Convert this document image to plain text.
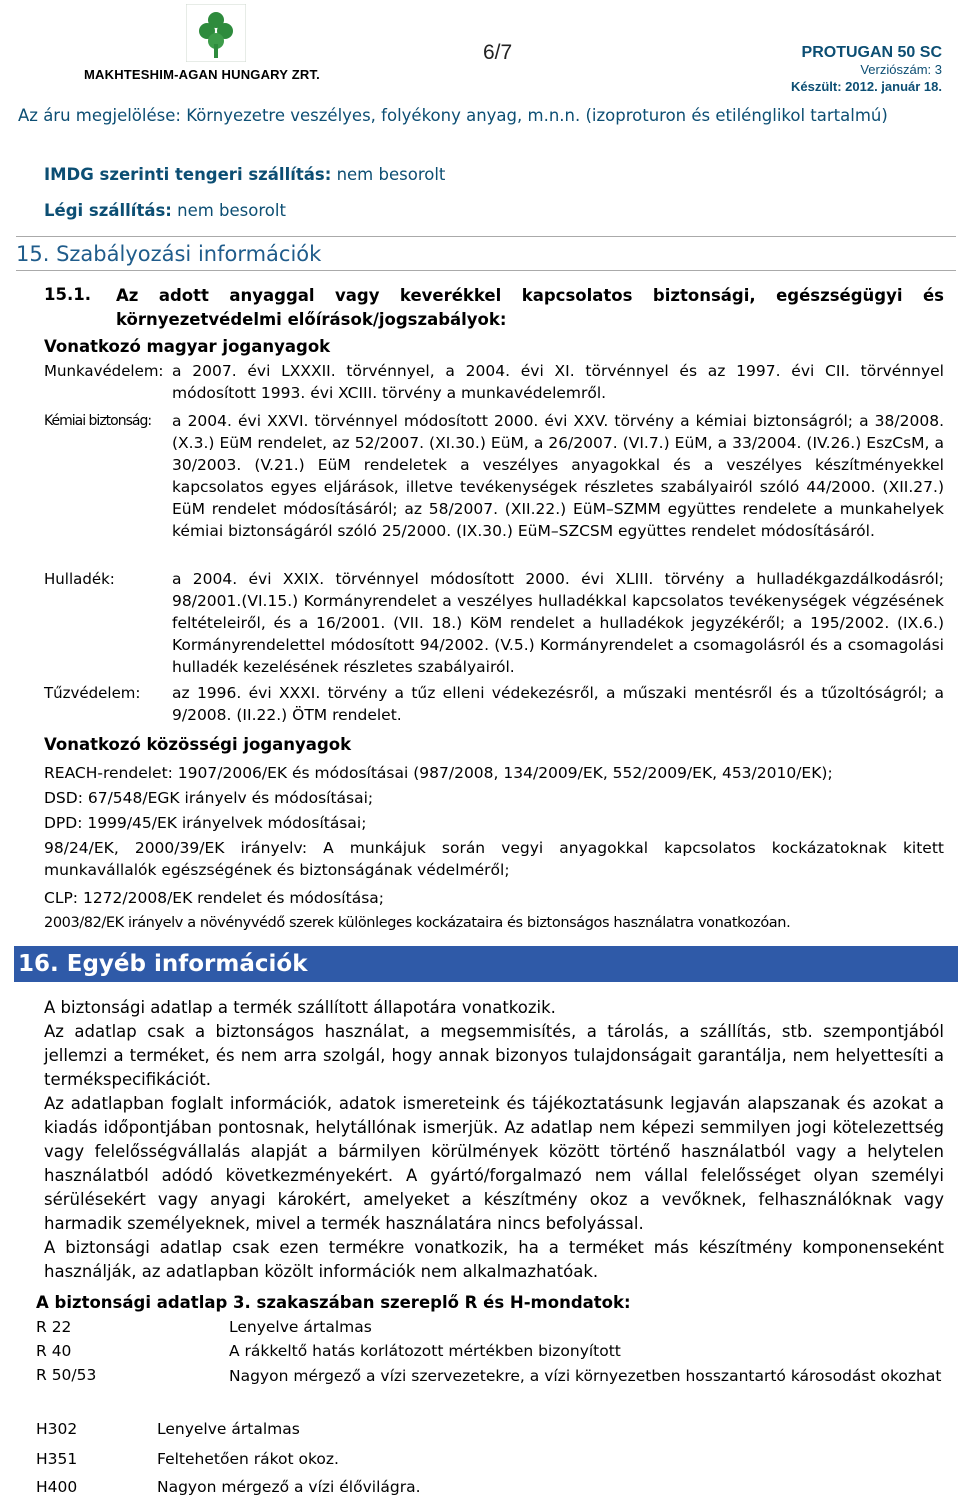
MAKHTESHIM-AGAN HUNGARY ZRT.
6/7	PROTUGAN 50 SC
Verziószám: 3
Készült: 2012. január 18.
Az áru megjelölése: Környezetre veszélyes, folyékony anyag, m.n.n. (izoproturon és etilénglikol tartalmú)
IMDG szerinti tengeri szállítás: nem besorolt
Légi szállítás: nem besorolt
15. Szabályozási információk
15.1. Az adott anyaggal vagy keverékkel kapcsolatos biztonsági, egészségügyi és környezetvédelmi előírások/jogszabályok:
Vonatkozó magyar joganyagok
Munkavédelem: a 2007. évi LXXXII. törvénnyel, a 2004. évi XI. törvénnyel és az 1997. évi CII. törvénnyel módosított 1993. évi XCIII. törvény a munkavédelemről.
Kémiai biztonság: a 2004. évi XXVI. törvénnyel módosított 2000. évi XXV. törvény a kémiai biztonságról; a 38/2008. (X.3.) EüM rendelet, az 52/2007. (XI.30.) EüM, a 26/2007. (VI.7.) EüM, a 33/2004. (IV.26.) EszCsM, a 30/2003. (V.21.) EüM rendeletek a veszélyes anyagokkal és a veszélyes készítményekkel kapcsolatos egyes eljárások, illetve tevékenységek részletes szabályairól szóló 44/2000. (XII.27.) EüM rendelet módosításáról; az 58/2007. (XII.22.) EüM–SZMM együttes rendelete a munkahelyek kémiai biztonságáról szóló 25/2000. (IX.30.) EüM–SZCSM együttes rendelet módosításáról.
Hulladék:	a 2004. évi XXIX. törvénnyel módosított 2000. évi XLIII. törvény a hulladékgazdálkodásról; 98/2001.(VI.15.) Kormányrendelet a veszélyes hulladékkal kapcsolatos tevékenységek végzésének feltételeiről, és a 16/2001. (VII. 18.) KöM rendelet a hulladékok jegyzékéről; a 195/2002. (IX.6.) Kormányrendelettel módosított 94/2002. (V.5.) Kormányrendelet a csomagolásról és a csomagolási hulladék kezelésének részletes szabályairól.
Tűzvédelem: az 1996. évi XXXI. törvény a tűz elleni védekezésről, a műszaki mentésről és a tűzoltóságról; a 9/2008. (II.22.) ÖTM rendelet.
Vonatkozó közösségi joganyagok
REACH-rendelet: 1907/2006/EK és módosításai (987/2008, 134/2009/EK, 552/2009/EK, 453/2010/EK);
DSD: 67/548/EGK irányelv és módosításai;
DPD: 1999/45/EK irányelvek módosításai;
98/24/EK, 2000/39/EK irányelv: A munkájuk során vegyi anyagokkal kapcsolatos kockázatoknak kitett munkavállalók egészségének és biztonságának védelméről;
CLP: 1272/2008/EK rendelet és módosítása;
2003/82/EK irányelv a növényvédő szerek különleges kockázataira és biztonságos használatra vonatkozóan.
16. Egyéb információk
A biztonsági adatlap a termék szállított állapotára vonatkozik.
Az adatlap csak a biztonságos használat, a megsemmisítés, a tárolás, a szállítás, stb. szempontjából jellemzi a terméket, és nem arra szolgál, hogy annak bizonyos tulajdonságait garantálja, nem helyettesíti a termékspecifikációt.
Az adatlapban foglalt információk, adatok ismereteink és tájékoztatásunk legjaván alapszanak és azokat a kiadás időpontjában pontosnak, helytállónak ismerjük. Az adatlap nem képezi semmilyen jogi kötelezettség vagy felelősségvállalás alapját a bármilyen körülmények között történő használatból vagy a helytelen használatból adódó következményekért. A gyártó/forgalmazó nem vállal felelősséget olyan személyi sérülésekért vagy anyagi károkért, amelyeket a készítmény okoz a vevőknek, felhasználóknak vagy harmadik személyeknek, mivel a termék használatára nincs befolyással.
A biztonsági adatlap csak ezen termékre vonatkozik, ha a terméket más készítmény komponenseként használják, az adatlapban közölt információk nem alkalmazhatóak.
A biztonsági adatlap 3. szakaszában szereplő R és H-mondatok:
R 22	Lenyelve ártalmas
R 40	A rákkeltő hatás korlátozott mértékben bizonyított
R 50/53	Nagyon mérgező a vízi szervezetekre, a vízi környezetben hosszantartó károsodást okozhat
H302	Lenyelve ártalmas
H351	Feltehetően rákot okoz.
H400	Nagyon mérgező a vízi élővilágra.
